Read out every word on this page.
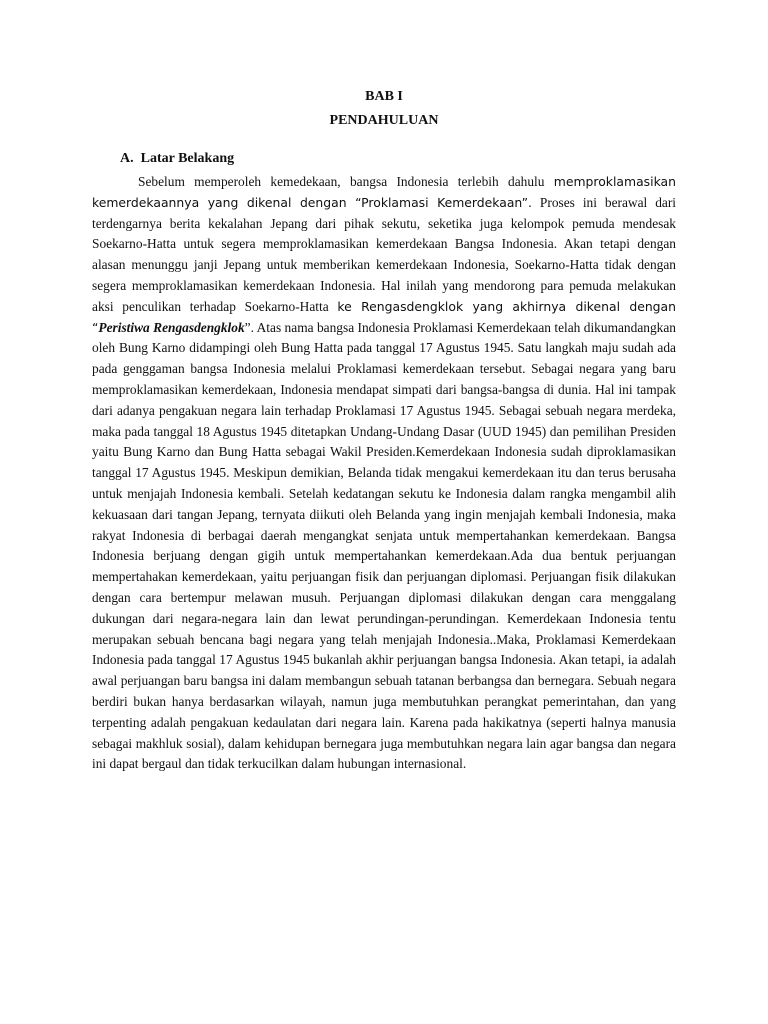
BAB I

PENDAHULUAN

A. Latar Belakang

Sebelum memperoleh kemedekaan, bangsa Indonesia terlebih dahulu memproklamasikan kemerdekaannya yang dikenal dengan “Proklamasi Kemerdekaan”. Proses ini berawal dari terdengarnya berita kekalahan Jepang dari pihak sekutu, seketika juga kelompok pemuda mendesak Soekarno-Hatta untuk segera memproklamasikan kemerdekaan Bangsa Indonesia. Akan tetapi dengan alasan menunggu janji Jepang untuk memberikan kemerdekaan Indonesia, Soekarno-Hatta tidak dengan segera memproklamasikan kemerdekaan Indonesia. Hal inilah yang mendorong para pemuda melakukan aksi penculikan terhadap Soekarno-Hatta ke Rengasdengklok yang akhirnya dikenal dengan “Peristiwa Rengasdengklok”. Atas nama bangsa Indonesia Proklamasi Kemerdekaan telah dikumandangkan oleh Bung Karno didampingi oleh Bung Hatta pada tanggal 17 Agustus 1945. Satu langkah maju sudah ada pada genggaman bangsa Indonesia melalui Proklamasi kemerdekaan tersebut. Sebagai negara yang baru memproklamasikan kemerdekaan, Indonesia mendapat simpati dari bangsa-bangsa di dunia. Hal ini tampak dari adanya pengakuan negara lain terhadap Proklamasi 17 Agustus 1945. Sebagai sebuah negara merdeka, maka pada tanggal 18 Agustus 1945 ditetapkan Undang-Undang Dasar (UUD 1945) dan pemilihan Presiden yaitu Bung Karno dan Bung Hatta sebagai Wakil Presiden.Kemerdekaan Indonesia sudah diproklamasikan tanggal 17 Agustus 1945. Meskipun demikian, Belanda tidak mengakui kemerdekaan itu dan terus berusaha untuk menjajah Indonesia kembali. Setelah kedatangan sekutu ke Indonesia dalam rangka mengambil alih kekuasaan dari tangan Jepang, ternyata diikuti oleh Belanda yang ingin menjajah kembali Indonesia, maka rakyat Indonesia di berbagai daerah mengangkat senjata untuk mempertahankan kemerdekaan. Bangsa Indonesia berjuang dengan gigih untuk mempertahankan kemerdekaan.Ada dua bentuk perjuangan mempertahakan kemerdekaan, yaitu perjuangan fisik dan perjuangan diplomasi. Perjuangan fisik dilakukan dengan cara bertempur melawan musuh. Perjuangan diplomasi dilakukan dengan cara menggalang dukungan dari negara-negara lain dan lewat perundingan-perundingan. Kemerdekaan Indonesia tentu merupakan sebuah bencana bagi negara yang telah menjajah Indonesia..Maka, Proklamasi Kemerdekaan Indonesia pada tanggal 17 Agustus 1945 bukanlah akhir perjuangan bangsa Indonesia. Akan tetapi, ia adalah awal perjuangan baru bangsa ini dalam membangun sebuah tatanan berbangsa dan bernegara. Sebuah negara berdiri bukan hanya berdasarkan wilayah, namun juga membutuhkan perangkat pemerintahan, dan yang terpenting adalah pengakuan kedaulatan dari negara lain. Karena pada hakikatnya (seperti halnya manusia sebagai makhluk sosial), dalam kehidupan bernegara juga membutuhkan negara lain agar bangsa dan negara ini dapat bergaul dan tidak terkucilkan dalam hubungan internasional.
